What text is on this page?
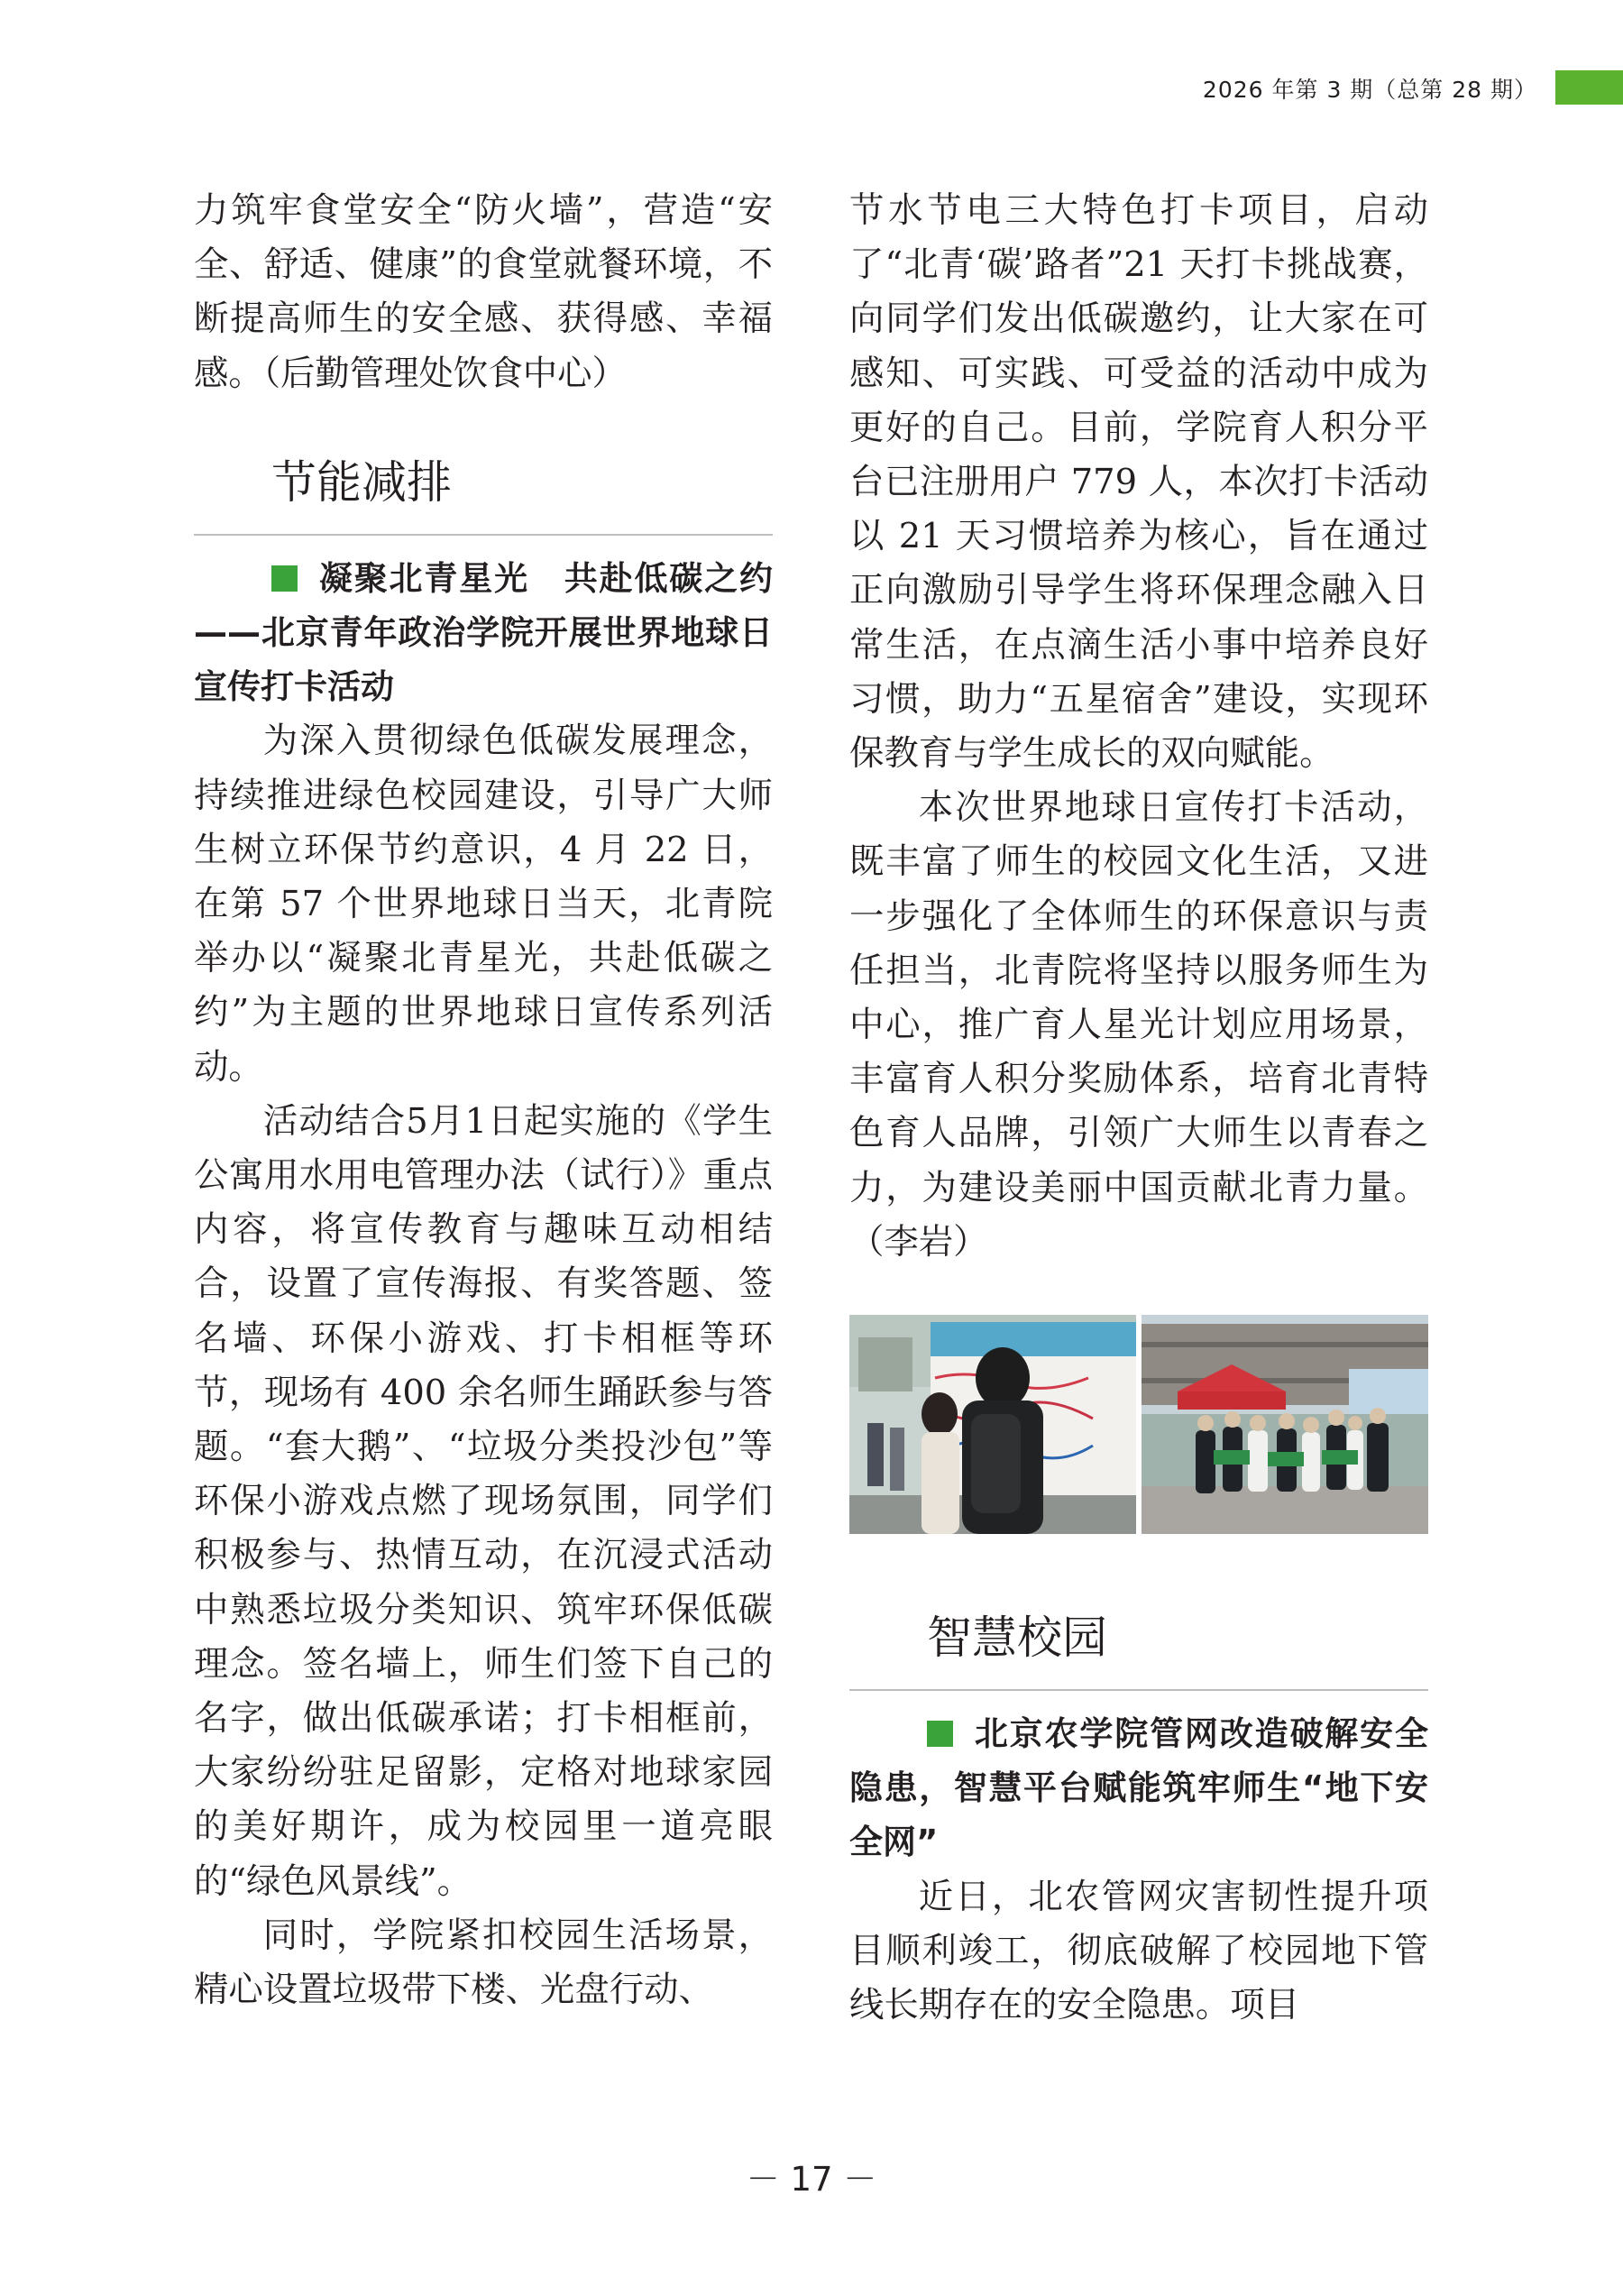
2026 年第 3 期（总第 28 期）

力筑牢食堂安全“防火墙”，营造“安全、舒适、健康”的食堂就餐环境，不断提高师生的安全感、获得感、幸福感。（后勤管理处饮食中心）

节能减排

凝聚北青星光　共赴低碳之约——北京青年政治学院开展世界地球日宣传打卡活动

为深入贯彻绿色低碳发展理念，持续推进绿色校园建设，引导广大师生树立环保节约意识，4 月 22 日，在第 57 个世界地球日当天，北青院举办以“凝聚北青星光，共赴低碳之约”为主题的世界地球日宣传系列活动。

活动结合5月1日起实施的《学生公寓用水用电管理办法（试行）》重点内容，将宣传教育与趣味互动相结合，设置了宣传海报、有奖答题、签名墙、环保小游戏、打卡相框等环节，现场有 400 余名师生踊跃参与答题。“套大鹅”、“垃圾分类投沙包”等环保小游戏点燃了现场氛围，同学们积极参与、热情互动，在沉浸式活动中熟悉垃圾分类知识、筑牢环保低碳理念。签名墙上，师生们签下自己的名字，做出低碳承诺；打卡相框前，大家纷纷驻足留影，定格对地球家园的美好期许，成为校园里一道亮眼的“绿色风景线”。

同时，学院紧扣校园生活场景，精心设置垃圾带下楼、光盘行动、

节水节电三大特色打卡项目，启动了“北青‘碳’路者”21 天打卡挑战赛，向同学们发出低碳邀约，让大家在可感知、可实践、可受益的活动中成为更好的自己。目前，学院育人积分平台已注册用户 779 人，本次打卡活动以 21 天习惯培养为核心，旨在通过正向激励引导学生将环保理念融入日常生活，在点滴生活小事中培养良好习惯，助力“五星宿舍”建设，实现环保教育与学生成长的双向赋能。

本次世界地球日宣传打卡活动，既丰富了师生的校园文化生活，又进一步强化了全体师生的环保意识与责任担当，北青院将坚持以服务师生为中心，推广育人星光计划应用场景，丰富育人积分奖励体系，培育北青特色育人品牌，引领广大师生以青春之力，为建设美丽中国贡献北青力量。（李岩）

智慧校园

北京农学院管网改造破解安全隐患，智慧平台赋能筑牢师生“地下安全网”

近日，北农管网灾害韧性提升项目顺利竣工，彻底破解了校园地下管线长期存在的安全隐患。项目

－ 17 －
